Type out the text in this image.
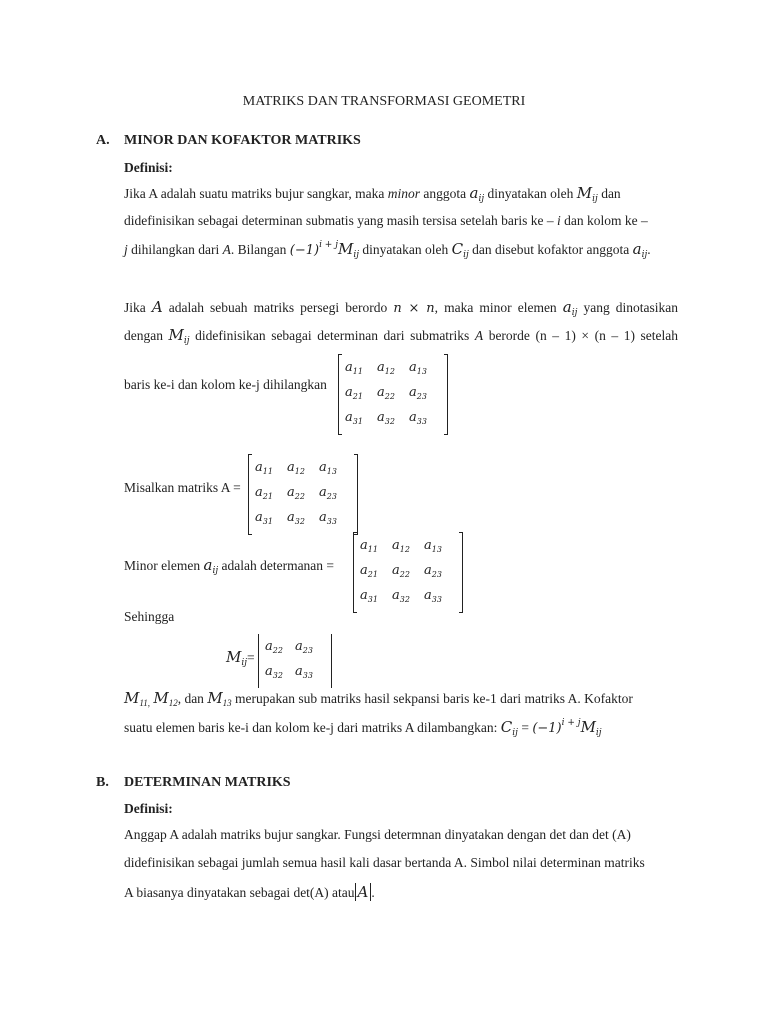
MATRIKS DAN TRANSFORMASI GEOMETRI
A. MINOR DAN KOFAKTOR MATRIKS
Definisi:
Jika A adalah suatu matriks bujur sangkar, maka minor anggota $a_{ij}$ dinyatakan oleh $M_{ij}$ dan
didefinisikan sebagai determinan submatis yang masih tersisa setelah baris ke – i dan kolom ke –
j dihilangkan dari A. Bilangan $(-1)^{i + j}M_{ij}$ dinyatakan oleh $C_{ij}$ dan disebut kofaktor anggota $a_{ij}$.
Jika A adalah sebuah matriks persegi berordo n × n, maka minor elemen $a_{ij}$ yang dinotasikan
dengan $M_{ij}$ didefinisikan sebagai determinan dari submatriks A berorde (n – 1) × (n – 1) setelah
baris ke-i dan kolom ke-j dihilangkan
$a_{11}$	$a_{12}$	$a_{13}$
$a_{21}$	$a_{22}$	$a_{23}$
$a_{31}$	$a_{32}$	$a_{33}$
Misalkan matriks A =
$a_{11}$	$a_{12}$	$a_{13}$
$a_{21}$	$a_{22}$	$a_{23}$
$a_{31}$	$a_{32}$	$a_{33}$
Minor elemen $a_{ij}$ adalah determanan =
$a_{11}$	$a_{12}$	$a_{13}$
$a_{21}$	$a_{22}$	$a_{23}$
$a_{31}$	$a_{32}$	$a_{33}$
Sehingga
$M_{ij}=$
$a_{22}$ $a_{23}$
$a_{32}$ $a_{33}$
$M_{11,}$ $M_{12}$, dan $M_{13}$ merupakan sub matriks hasil sekpansi baris ke-1 dari matriks A. Kofaktor
suatu elemen baris ke-i dan kolom ke-j dari matriks A dilambangkan: $C_{ij} = (-1)^{i + j}M_{ij}$
B. DETERMINAN MATRIKS
Definisi:
Anggap A adalah matriks bujur sangkar. Fungsi determnan dinyatakan dengan det dan det (A)
didefinisikan sebagai jumlah semua hasil kali dasar bertanda A. Simbol nilai determinan matriks
A biasanya dinyatakan sebagai det(A) atau A .
